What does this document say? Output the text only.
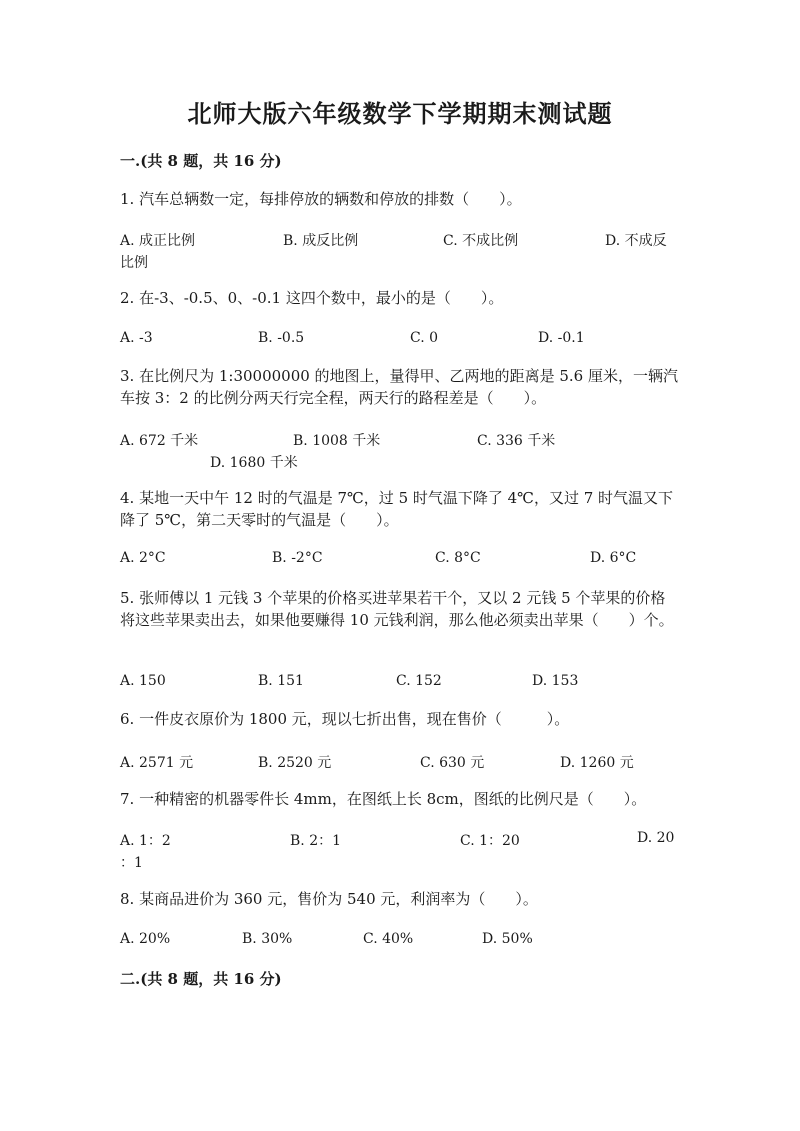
北师大版六年级数学下学期期末测试题
一.(共 8 题，共 16 分)
1. 汽车总辆数一定，每排停放的辆数和停放的排数（　　）。
A. 成正比例	B. 成反比例	C. 不成比例	D. 不成反
比例
2. 在-3、-0.5、0、-0.1 这四个数中，最小的是（　　）。
A. -3	B. -0.5	C. 0	D. -0.1
3. 在比例尺为 1:30000000 的地图上，量得甲、乙两地的距离是 5.6 厘米，一辆汽车按 3：2 的比例分两天行完全程，两天行的路程差是（　　）。
A. 672 千米	B. 1008 千米	C. 336 千米
D. 1680 千米
4. 某地一天中午 12 时的气温是 7℃，过 5 时气温下降了 4℃，又过 7 时气温又下降了 5℃，第二天零时的气温是（　　）。
A. 2°C	B. -2°C	C. 8°C	D. 6°C
5. 张师傅以 1 元钱 3 个苹果的价格买进苹果若干个，又以 2 元钱 5 个苹果的价格将这些苹果卖出去，如果他要赚得 10 元钱利润，那么他必须卖出苹果（　　）个。
A. 150	B. 151	C. 152	D. 153
6. 一件皮衣原价为 1800 元，现以七折出售，现在售价（　　　）。
A. 2571 元	B. 2520 元	C. 630 元	D. 1260 元
7. 一种精密的机器零件长 4mm，在图纸上长 8cm，图纸的比例尺是（　　）。
A. 1：2	B. 2：1	C. 1：20	D. 20
：1
8. 某商品进价为 360 元，售价为 540 元，利润率为（　　）。
A. 20%	B. 30%	C. 40%	D. 50%
二.(共 8 题，共 16 分)
